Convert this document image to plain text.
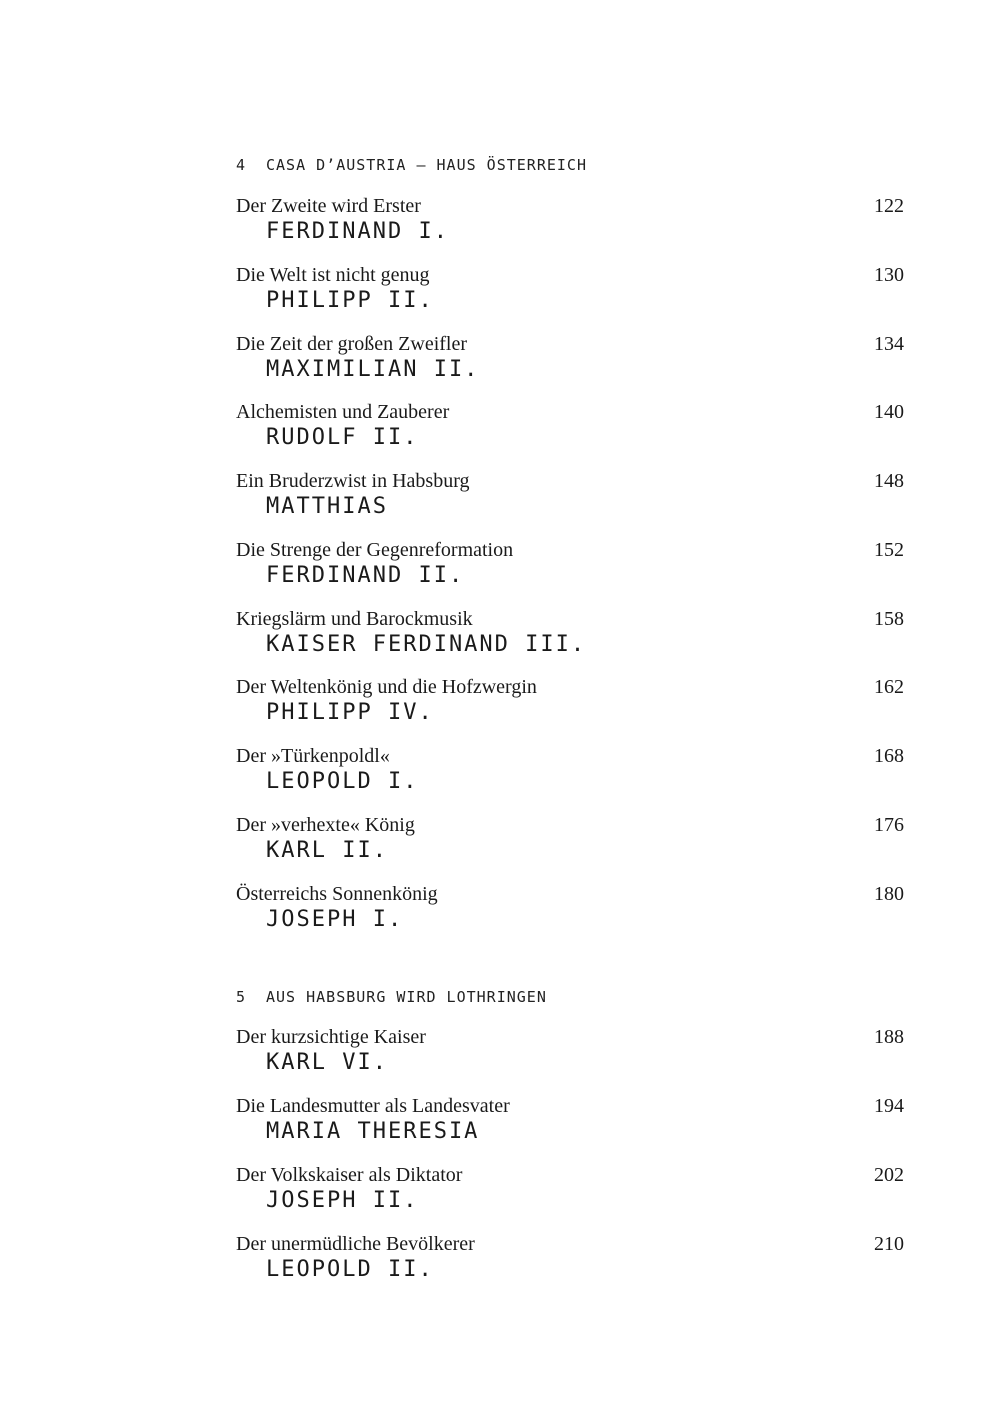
4 CASA D’AUSTRIA – HAUS ÖSTERREICH
Der Zweite wird Erster	122
FERDINAND I.
Die Welt ist nicht genug	130
PHILIPP II.
Die Zeit der großen Zweifler	134
MAXIMILIAN II.
Alchemisten und Zauberer	140
RUDOLF II.
Ein Bruderzwist in Habsburg	148
MATTHIAS
Die Strenge der Gegenreformation	152
FERDINAND II.
Kriegslärm und Barockmusik	158
KAISER FERDINAND III.
Der Weltenkönig und die Hofzwergin	162
PHILIPP IV.
Der »Türkenpoldl«	168
LEOPOLD I.
Der »verhexte« König	176
KARL II.
Österreichs Sonnenkönig	180
JOSEPH I.
5 AUS HABSBURG WIRD LOTHRINGEN
Der kurzsichtige Kaiser	188
KARL VI.
Die Landesmutter als Landesvater	194
MARIA THERESIA
Der Volkskaiser als Diktator	202
JOSEPH II.
Der unermüdliche Bevölkerer	210
LEOPOLD II.
